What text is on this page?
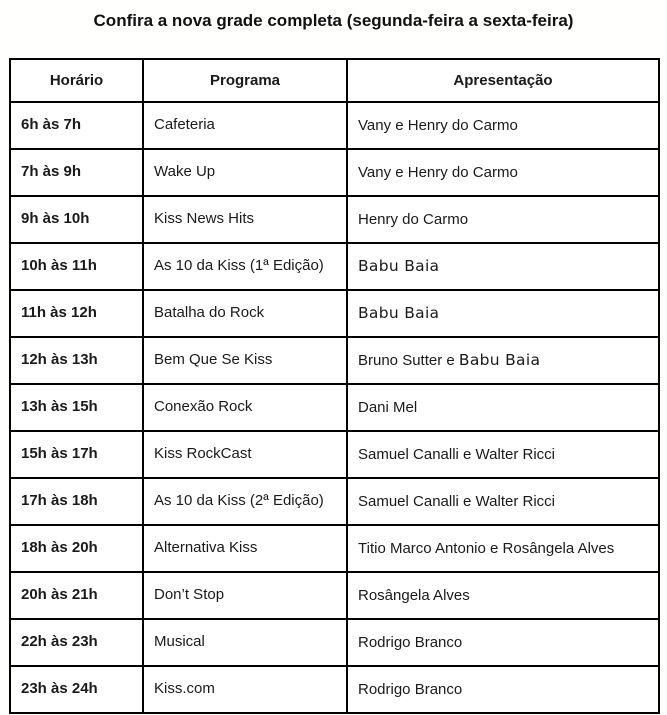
Confira a nova grade completa (segunda-feira a sexta-feira)
Horário	Programa	Apresentação
6h às 7h	Cafeteria	Vany e Henry do Carmo
7h às 9h	Wake Up	Vany e Henry do Carmo
9h às 10h	Kiss News Hits	Henry do Carmo
10h às 11h	As 10 da Kiss (1ª Edição)	Babu Baia
11h às 12h	Batalha do Rock	Babu Baia
12h às 13h	Bem Que Se Kiss	Bruno Sutter e Babu Baia
13h às 15h	Conexão Rock	Dani Mel
15h às 17h	Kiss RockCast	Samuel Canalli e Walter Ricci
17h às 18h	As 10 da Kiss (2ª Edição)	Samuel Canalli e Walter Ricci
18h às 20h	Alternativa Kiss	Titio Marco Antonio e Rosângela Alves
20h às 21h	Don’t Stop	Rosângela Alves
22h às 23h	Musical	Rodrigo Branco
23h às 24h	Kiss.com	Rodrigo Branco
